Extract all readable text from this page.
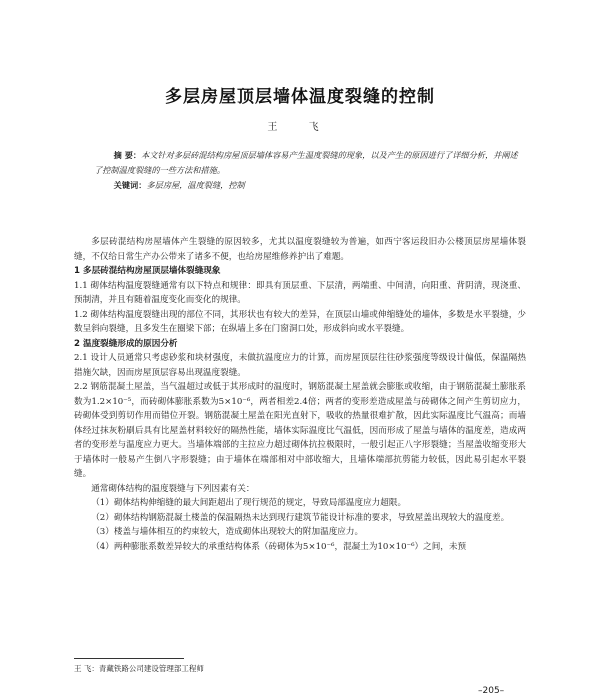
多层房屋顶层墙体温度裂缝的控制
王 飞
摘 要：本文针对多层砖混结构房屋顶层墙体容易产生温度裂缝的现象，以及产生的原因进行了详细分析，并阐述了控制温度裂缝的一些方法和措施。
关键词：多层房屋，温度裂缝，控制

多层砖混结构房屋墙体产生裂缝的原因较多，尤其以温度裂缝较为普遍，如西宁客运段旧办公楼顶层房屋墙体裂缝，不仅给日常生产办公带来了诸多不便，也给房屋维修养护出了难题。

1 多层砖混结构房屋顶层墙体裂缝现象

1.1 砌体结构温度裂缝通常有以下特点和规律：即具有顶层重、下层清，两端重、中间清，向阳重、背阴清，现浇重、预制清，并且有随着温度变化而变化的规律。

1.2 砌体结构温度裂缝出现的部位不同，其形状也有较大的差异，在顶层山墙或伸缩缝处的墙体，多数是水平裂缝，少数呈斜向裂缝，且多发生在圈梁下部；在纵墙上多在门窗洞口处，形成斜向或水平裂缝。

2 温度裂缝形成的原因分析

2.1 设计人员通常只考虑砂浆和块材强度，未做抗温度应力的计算，而房屋顶层往往砂浆强度等级设计偏低，保温隔热措施欠缺，因而房屋顶层容易出现温度裂缝。

2.2 钢筋混凝土屋盖，当气温超过或低于其形成时的温度时，钢筋混凝土屋盖就会膨胀或收缩，由于钢筋混凝土膨胀系数为1.2×10⁻⁵，而砖砌体膨胀系数为5×10⁻⁶，两者相差2.4倍；两者的变形差造成屋盖与砖砌体之间产生剪切应力，砖砌体受到剪切作用而错位开裂。钢筋混凝土屋盖在阳光直射下，吸收的热量很难扩散，因此实际温度比气温高；而墙体经过抹灰粉刷后具有比屋盖材料较好的隔热性能，墙体实际温度比气温低，因而形成了屋盖与墙体的温度差，造成两者的变形差与温度应力更大。当墙体端部的主拉应力超过砌体抗拉极限时，一般引起正八字形裂缝；当屋盖收缩变形大于墙体时一般易产生倒八字形裂缝；由于墙体在端部相对中部收缩大，且墙体端部抗剪能力较低，因此易引起水平裂缝。

通常砌体结构的温度裂缝与下列因素有关：

（1）砌体结构伸缩缝的最大间距超出了现行规范的规定，导致局部温度应力超限。

（2）砌体结构钢筋混凝土楼盖的保温隔热未达到现行建筑节能设计标准的要求，导致屋盖出现较大的温度差。

（3）楼盖与墙体相互的约束较大，造成砌体出现较大的附加温度应力。

（4）两种膨胀系数差异较大的承重结构体系（砖砌体为5×10⁻⁶，混凝土为10×10⁻⁶）之间，未预

王 飞：青藏铁路公司建设管理部工程师
–205–
